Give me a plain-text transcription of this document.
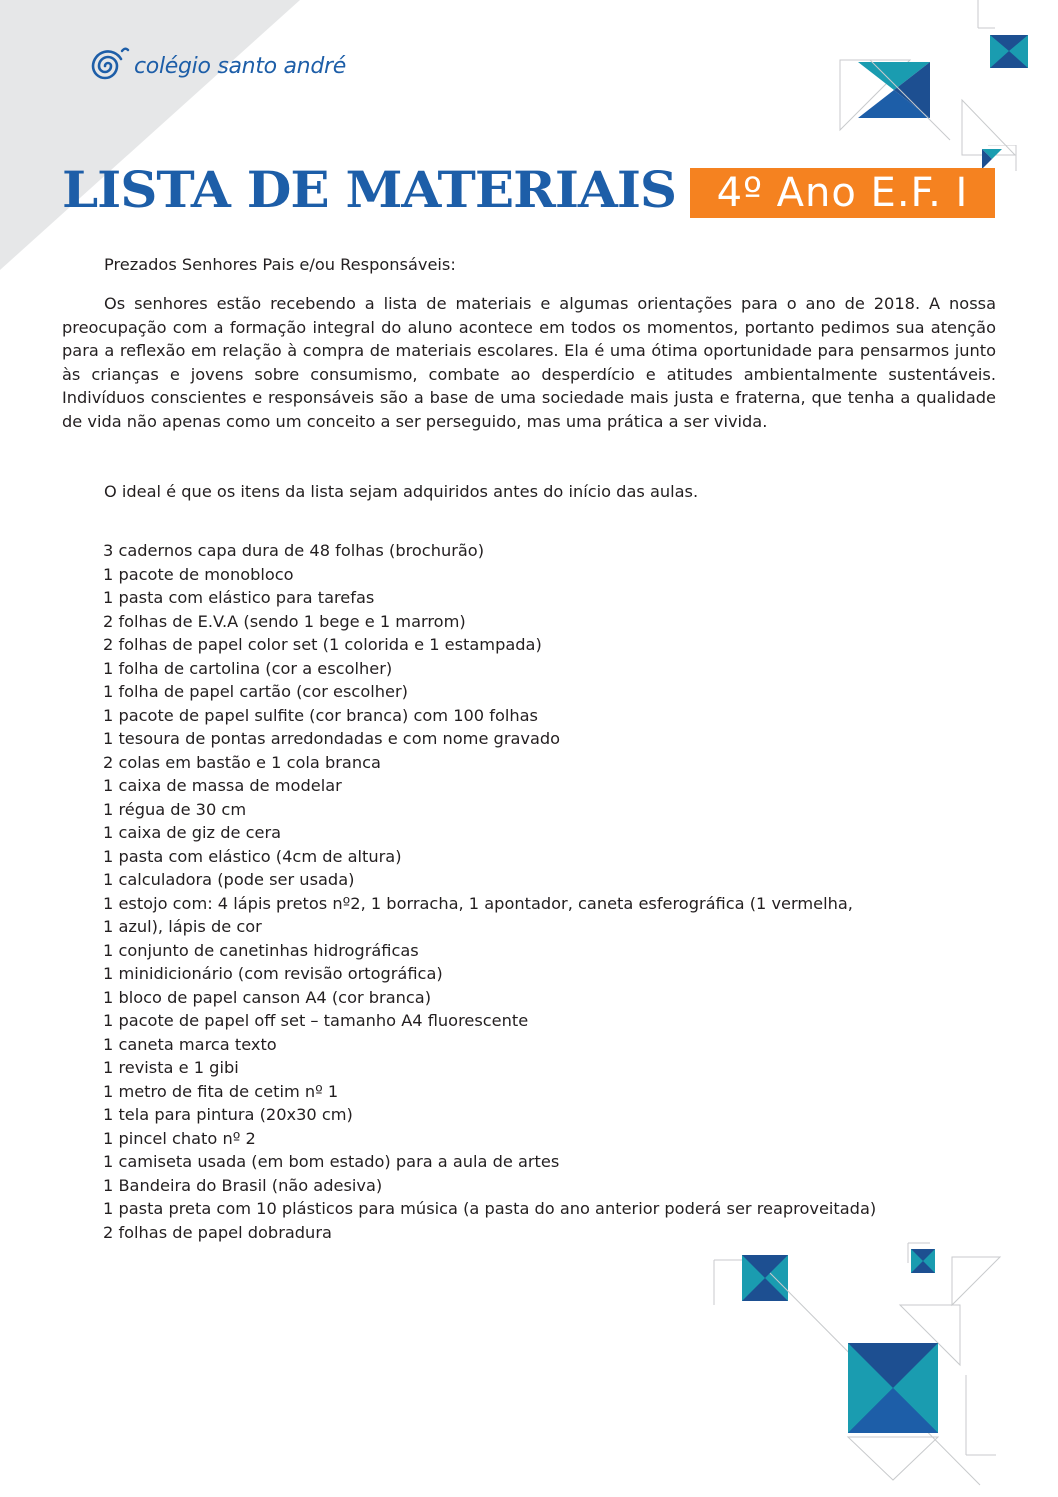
colégio santo andré
LISTA DE MATERIAIS	4º Ano E.F. I
Prezados Senhores Pais e/ou Responsáveis:
Os senhores estão recebendo a lista de materiais e algumas orientações para o ano de 2018. A nossa preocupação com a formação integral do aluno acontece em todos os momentos, portanto pedimos sua atenção para a reflexão em relação à compra de materiais escolares. Ela é uma ótima oportunidade para pensarmos junto às crianças e jovens sobre consumismo, combate ao desperdício e atitudes ambientalmente sustentáveis. Indivíduos conscientes e responsáveis são a base de uma sociedade mais justa e fraterna, que tenha a qualidade de vida não apenas como um conceito a ser perseguido, mas uma prática a ser vivida.
O ideal é que os itens da lista sejam adquiridos antes do início das aulas.
3 cadernos capa dura de 48 folhas (brochurão)
1 pacote de monobloco
1 pasta com elástico para tarefas
2 folhas de E.V.A (sendo 1 bege e 1 marrom)
2 folhas de papel color set (1 colorida e 1 estampada)
1 folha de cartolina (cor a escolher)
1 folha de papel cartão (cor escolher)
1 pacote de papel sulfite (cor branca) com 100 folhas
1 tesoura de pontas arredondadas e com nome gravado
2 colas em bastão e 1 cola branca
1 caixa de massa de modelar
1 régua de 30 cm
1 caixa de giz de cera
1 pasta com elástico (4cm de altura)
1 calculadora (pode ser usada)
1 estojo com: 4 lápis pretos nº2, 1 borracha, 1 apontador, caneta esferográfica (1 vermelha,
1 azul), lápis de cor
1 conjunto de canetinhas hidrográficas
1 minidicionário (com revisão ortográfica)
1 bloco de papel canson A4 (cor branca)
1 pacote de papel off set – tamanho A4 fluorescente
1 caneta marca texto
1 revista e 1 gibi
1 metro de fita de cetim nº 1
1 tela para pintura (20x30 cm)
1 pincel chato nº 2
1 camiseta usada (em bom estado) para a aula de artes
1 Bandeira do Brasil (não adesiva)
1 pasta preta com 10 plásticos para música (a pasta do ano anterior poderá ser reaproveitada)
2 folhas de papel dobradura
